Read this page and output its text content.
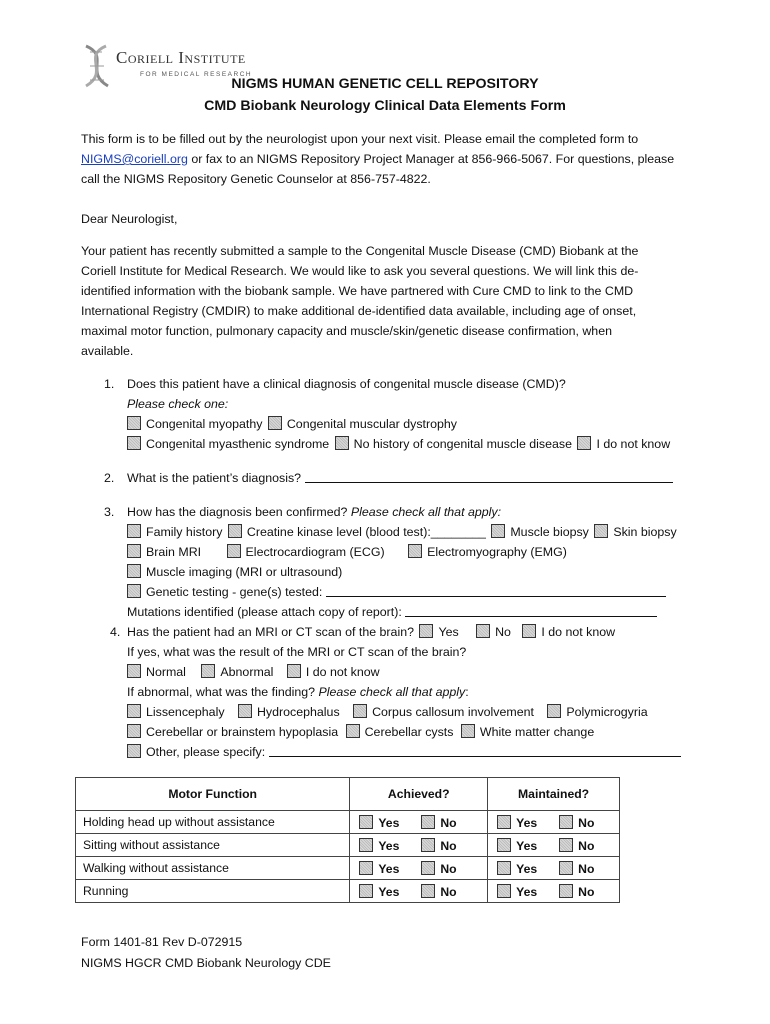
Coriell Institute
FOR MEDICAL RESEARCH
NIGMS HUMAN GENETIC CELL REPOSITORY
CMD Biobank Neurology Clinical Data Elements Form
This form is to be filled out by the neurologist upon your next visit. Please email the completed form to
NIGMS@coriell.org or fax to an NIGMS Repository Project Manager at 856-966-5067. For questions, please
call the NIGMS Repository Genetic Counselor at 856-757-4822.
Dear Neurologist,
Your patient has recently submitted a sample to the Congenital Muscle Disease (CMD) Biobank at the
Coriell Institute for Medical Research. We would like to ask you several questions. We will link this de-
identified information with the biobank sample. We have partnered with Cure CMD to link to the CMD
International Registry (CMDIR) to make additional de-identified data available, including age of onset,
maximal motor function, pulmonary capacity and muscle/skin/genetic disease confirmation, when
available.
1. Does this patient have a clinical diagnosis of congenital muscle disease (CMD)?
Please check one:
Congenital myopathy Congenital muscular dystrophy
Congenital myasthenic syndrome No history of congenital muscle disease I do not know
2. What is the patient’s diagnosis?
3. How has the diagnosis been confirmed? Please check all that apply:
Family history Creatine kinase level (blood test):________ Muscle biopsy Skin biopsy
Brain MRI	Electrocardiogram (ECG)	Electromyography (EMG)
Muscle imaging (MRI or ultrasound)
Genetic testing - gene(s) tested:
Mutations identified (please attach copy of report):
4. Has the patient had an MRI or CT scan of the brain? Yes	No I do not know
If yes, what was the result of the MRI or CT scan of the brain?
Normal	Abnormal	I do not know
If abnormal, what was the finding? Please check all that apply:
Lissencephaly	Hydrocephalus	Corpus callosum involvement	Polymicrogyria
Cerebellar or brainstem hypoplasia Cerebellar cysts White matter change
Other, please specify:
Motor Function	Achieved?	Maintained?
Holding head up without assistance	Yes No	Yes No
Sitting without assistance	Yes No	Yes No
Walking without assistance	Yes No	Yes No
Running	Yes No	Yes No
Form 1401-81 Rev D-072915
NIGMS HGCR CMD Biobank Neurology CDE
